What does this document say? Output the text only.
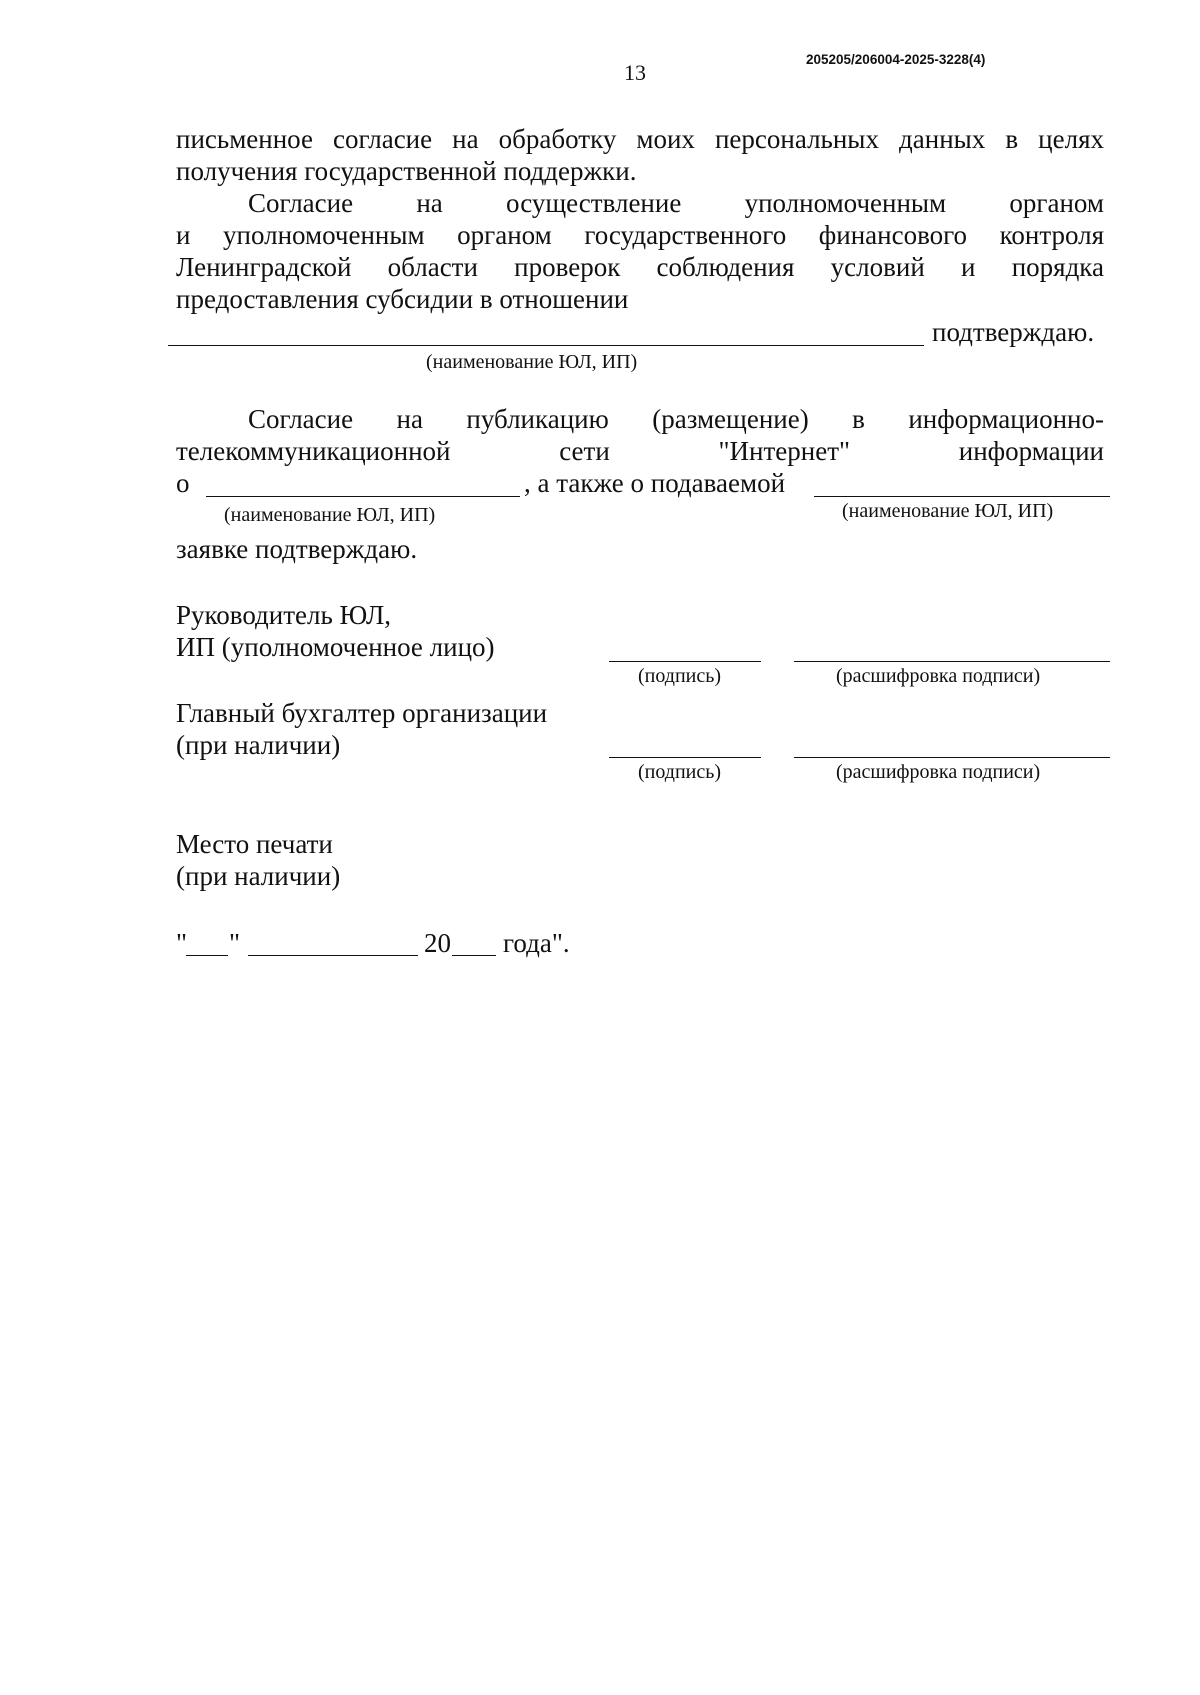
205205/206004-2025-3228(4)
13
письменное согласие на обработку моих персональных данных в целях
получения государственной поддержки.
Согласие на осуществление уполномоченным органом
и уполномоченным органом государственного финансового контроля
Ленинградской области проверок соблюдения условий и порядка
предоставления субсидии в отношении
подтверждаю.
(наименование ЮЛ, ИП)
Согласие на публикацию (размещение) в информационно-
телекоммуникационной сети "Интернет" информации
о	, а также о подаваемой
(наименование ЮЛ, ИП)	(наименование ЮЛ, ИП)
заявке подтверждаю.
Руководитель ЮЛ,
ИП (уполномоченное лицо)
(подпись)	(расшифровка подписи)
Главный бухгалтер организации
(при наличии)
(подпись)	(расшифровка подписи)
Место печати
(при наличии)
" "	20 года".
